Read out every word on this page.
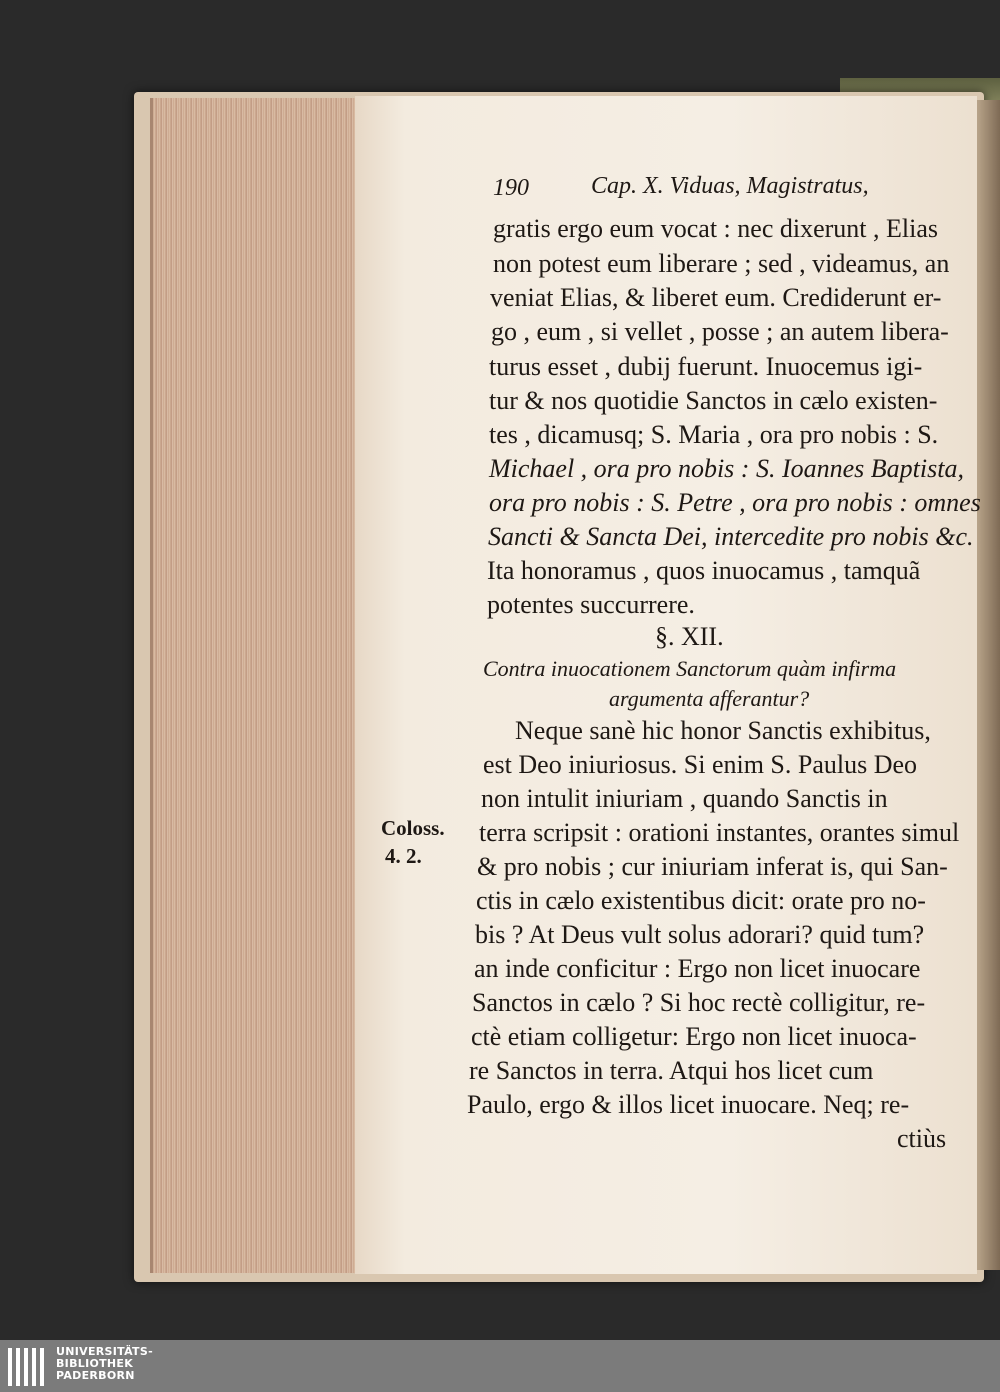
190	Cap. X. Viduas, Magistratus,
gratis ergo eum vocat : nec dixerunt , Elias
non potest eum liberare ; sed , videamus, an
veniat Elias, & liberet eum. Crediderunt er-
go , eum , si vellet , posse ; an autem libera-
turus esset , dubij fuerunt. Inuocemus igi-
tur & nos quotidie Sanctos in cælo existen-
tes , dicamusq; S. Maria , ora pro nobis : S.
Michael , ora pro nobis : S. Ioannes Baptista,
ora pro nobis : S. Petre , ora pro nobis : omnes
Sancti & Sancta Dei, intercedite pro nobis &c.
Ita honoramus , quos inuocamus , tamquã
potentes succurrere.
§. XII.
Contra inuocationem Sanctorum quàm infirma
argumenta afferantur?
Neque sanè hic honor Sanctis exhibitus,
est Deo iniuriosus. Si enim S. Paulus Deo
non intulit iniuriam , quando Sanctis in
terra scripsit : orationi instantes, orantes simul
& pro nobis ; cur iniuriam inferat is, qui San-
ctis in cælo existentibus dicit: orate pro no-
bis ? At Deus vult solus adorari? quid tum?
an inde conficitur : Ergo non licet inuocare
Sanctos in cælo ? Si hoc rectè colligitur, re-
ctè etiam colligetur: Ergo non licet inuoca-
re Sanctos in terra. Atqui hos licet cum
Paulo, ergo & illos licet inuocare. Neq; re-
ctiùs
Coloss.
4. 2.
UNIVERSITÄTS-
BIBLIOTHEK
PADERBORN
